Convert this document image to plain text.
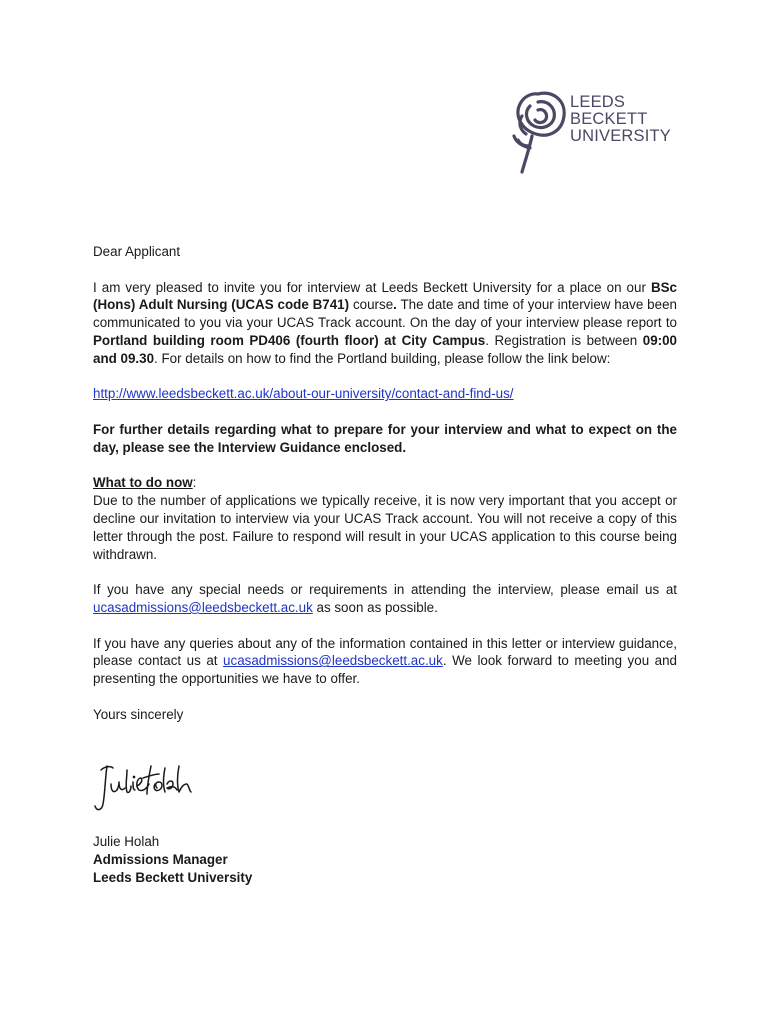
LEEDS
BECKETT
UNIVERSITY

Dear Applicant

I am very pleased to invite you for interview at Leeds Beckett University for a place on our BSc (Hons) Adult Nursing (UCAS code B741) course. The date and time of your interview have been communicated to you via your UCAS Track account. On the day of your interview please report to Portland building room PD406 (fourth floor) at City Campus. Registration is between 09:00 and 09.30. For details on how to find the Portland building, please follow the link below:

http://www.leedsbeckett.ac.uk/about-our-university/contact-and-find-us/

For further details regarding what to prepare for your interview and what to expect on the day, please see the Interview Guidance enclosed.

What to do now:
Due to the number of applications we typically receive, it is now very important that you accept or decline our invitation to interview via your UCAS Track account. You will not receive a copy of this letter through the post. Failure to respond will result in your UCAS application to this course being withdrawn.

If you have any special needs or requirements in attending the interview, please email us at ucasadmissions@leedsbeckett.ac.uk as soon as possible.

If you have any queries about any of the information contained in this letter or interview guidance, please contact us at ucasadmissions@leedsbeckett.ac.uk. We look forward to meeting you and presenting the opportunities we have to offer.

Yours sincerely

Julie Holah
Admissions Manager
Leeds Beckett University
